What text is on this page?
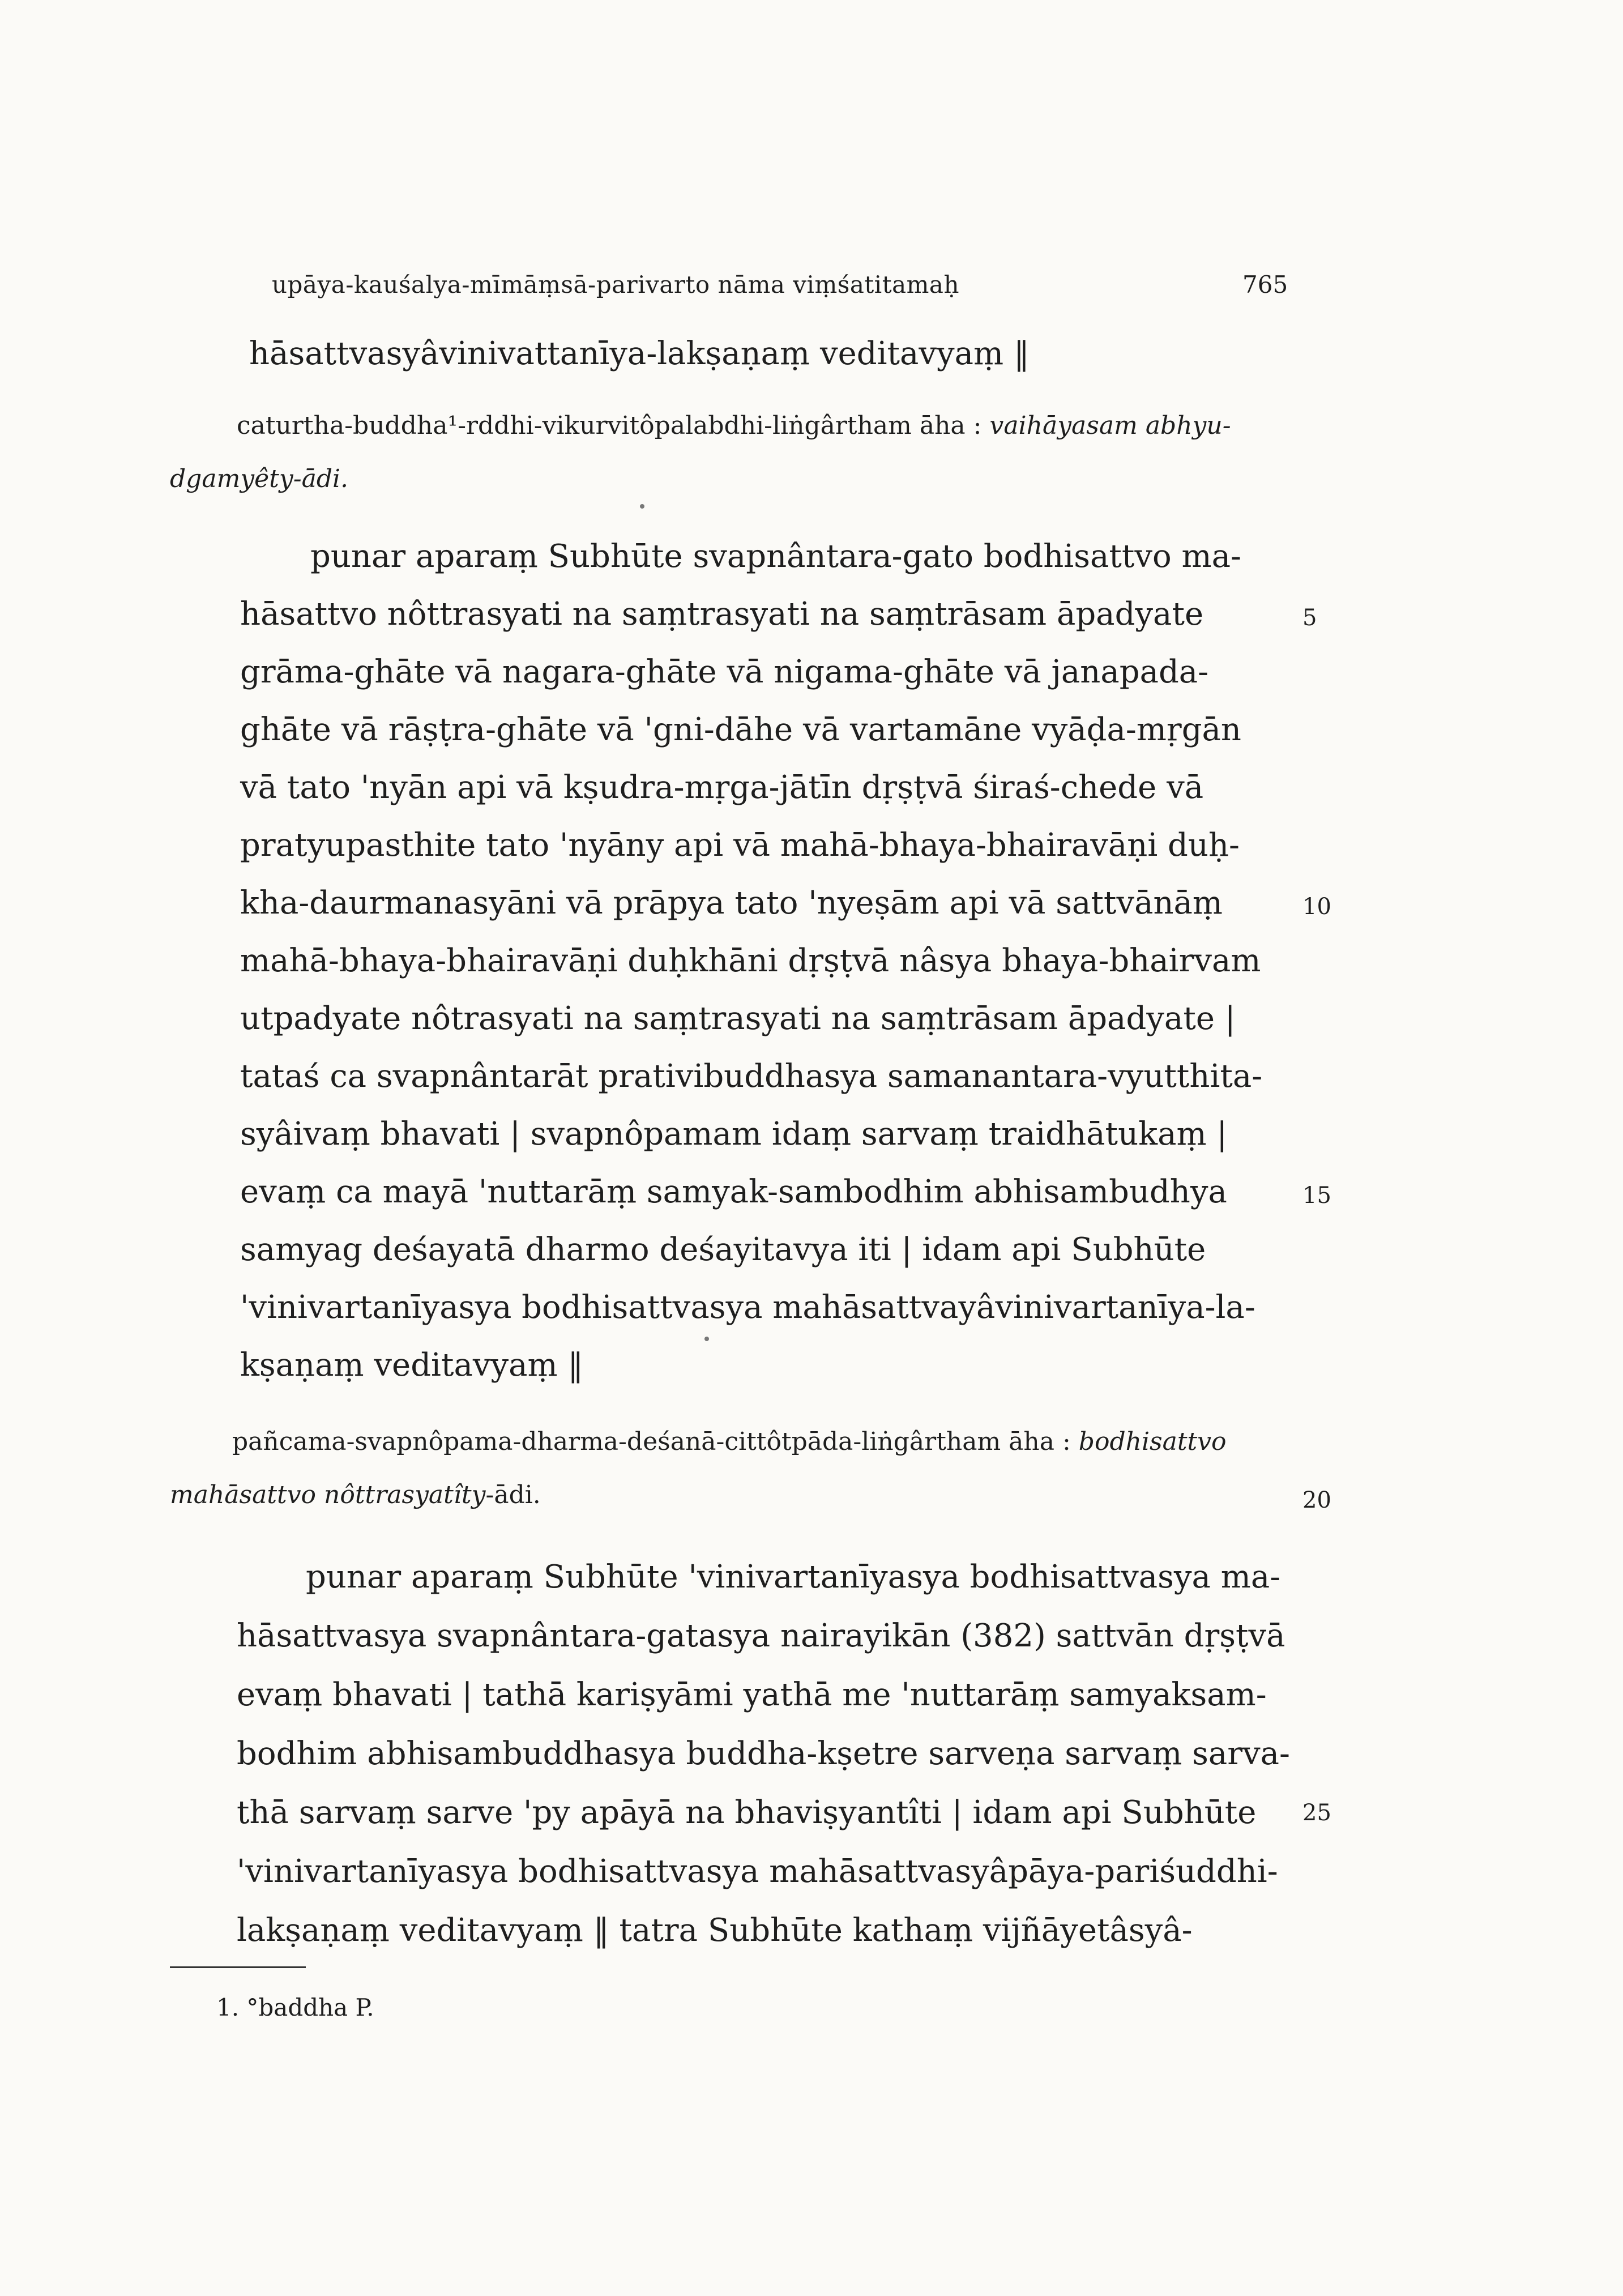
upāya-kauśalya-mīmāṃsā-parivarto nāma viṃśatitamaḥ	765
hāsattvasyâvinivattanīya-lakṣaṇaṃ veditavyaṃ ‖
caturtha-buddha¹-rddhi-vikurvitôpalabdhi-liṅgârtham āha : vaihāyasam abhyu-
dgamyêty-ādi.
punar aparaṃ Subhūte svapnântara-gato bodhisattvo ma-
hāsattvo nôttrasyati na saṃtrasyati na saṃtrāsam āpadyate
grāma-ghāte vā nagara-ghāte vā nigama-ghāte vā janapada-
ghāte vā rāṣṭra-ghāte vā 'gni-dāhe vā vartamāne vyāḍa-mṛgān
vā tato 'nyān api vā kṣudra-mṛga-jātīn dṛṣṭvā śiraś-chede vā
pratyupasthite tato 'nyāny api vā mahā-bhaya-bhairavāṇi duḥ-
kha-daurmanasyāni vā prāpya tato 'nyeṣām api vā sattvānāṃ
mahā-bhaya-bhairavāṇi duḥkhāni dṛṣṭvā nâsya bhaya-bhairvam
utpadyate nôtrasyati na saṃtrasyati na saṃtrāsam āpadyate |
tataś ca svapnântarāt prativibuddhasya samanantara-vyutthita-
syâivaṃ bhavati | svapnôpamam idaṃ sarvaṃ traidhātukaṃ |
evaṃ ca mayā 'nuttarāṃ samyak-sambodhim abhisambudhya
samyag deśayatā dharmo deśayitavya iti | idam api Subhūte
'vinivartanīyasya bodhisattvasya mahāsattvayâvinivartanīya-la-
kṣaṇaṃ veditavyaṃ ‖
pañcama-svapnôpama-dharma-deśanā-cittôtpāda-liṅgârtham āha : bodhisattvo
mahāsattvo nôttrasyatîty-ādi.
punar aparaṃ Subhūte 'vinivartanīyasya bodhisattvasya ma-
hāsattvasya svapnântara-gatasya nairayikān (382) sattvān dṛṣṭvā
evaṃ bhavati | tathā kariṣyāmi yathā me 'nuttarāṃ samyaksam-
bodhim abhisambuddhasya buddha-kṣetre sarveṇa sarvaṃ sarva-
thā sarvaṃ sarve 'py apāyā na bhaviṣyantîti | idam api Subhūte
'vinivartanīyasya bodhisattvasya mahāsattvasyâpāya-pariśuddhi-
lakṣaṇaṃ veditavyaṃ ‖ tatra Subhūte kathaṃ vijñāyetâsyâ-
5
10
15
20
25
1. °baddha P.
